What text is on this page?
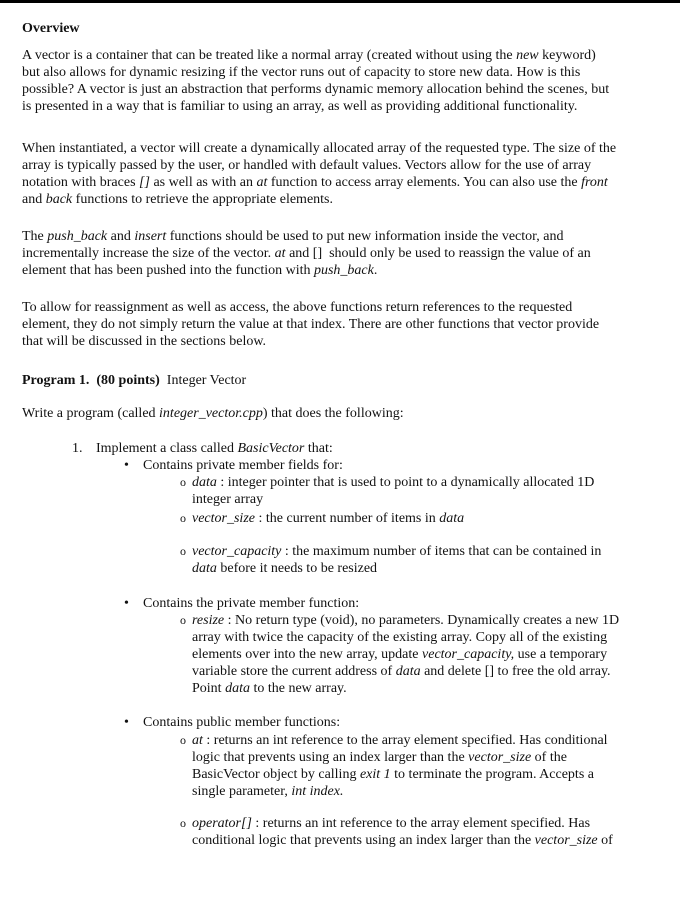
Overview
A vector is a container that can be treated like a normal array (created without using the new keyword)
but also allows for dynamic resizing if the vector runs out of capacity to store new data. How is this
possible? A vector is just an abstraction that performs dynamic memory allocation behind the scenes, but
is presented in a way that is familiar to using an array, as well as providing additional functionality.
When instantiated, a vector will create a dynamically allocated array of the requested type. The size of the
array is typically passed by the user, or handled with default values. Vectors allow for the use of array
notation with braces [] as well as with an at function to access array elements. You can also use the front
and back functions to retrieve the appropriate elements.
The push_back and insert functions should be used to put new information inside the vector, and
incrementally increase the size of the vector. at and []  should only be used to reassign the value of an
element that has been pushed into the function with push_back.
To allow for reassignment as well as access, the above functions return references to the requested
element, they do not simply return the value at that index. There are other functions that vector provide
that will be discussed in the sections below.
Program 1.  (80 points)  Integer Vector
Write a program (called integer_vector.cpp) that does the following:
1. Implement a class called BasicVector that:
• Contains private member fields for:
o data : integer pointer that is used to point to a dynamically allocated 1D
integer array
o vector_size : the current number of items in data
o vector_capacity : the maximum number of items that can be contained in
data before it needs to be resized
• Contains the private member function:
o resize : No return type (void), no parameters. Dynamically creates a new 1D
array with twice the capacity of the existing array. Copy all of the existing
elements over into the new array, update vector_capacity, use a temporary
variable store the current address of data and delete [] to free the old array.
Point data to the new array.
• Contains public member functions:
o at : returns an int reference to the array element specified. Has conditional
logic that prevents using an index larger than the vector_size of the
BasicVector object by calling exit 1 to terminate the program. Accepts a
single parameter, int index.
o operator[] : returns an int reference to the array element specified. Has
conditional logic that prevents using an index larger than the vector_size of
